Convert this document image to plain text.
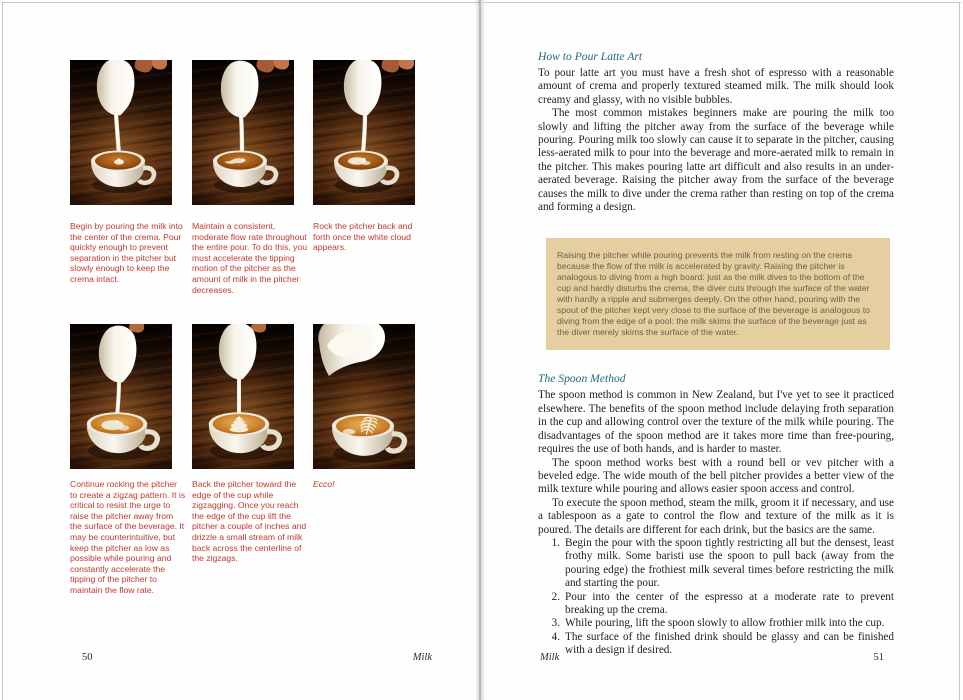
Begin by pouring the milk into the center of the crema. Pour quickly enough to prevent separation in the pitcher but slowly enough to keep the crema intact.
Maintain a consistent, moderate flow rate throughout the entire pour. To do this, you must accelerate the tipping motion of the pitcher as the amount of milk in the pitcher decreases.
Rock the pitcher back and forth once the white cloud appears.
Continue rocking the pitcher to create a zigzag pattern. It is critical to resist the urge to raise the pitcher away from the surface of the beverage. It may be counterintuitive, but keep the pitcher as low as possible while pouring and constantly accelerate the tipping of the pitcher to maintain the flow rate.
Back the pitcher toward the edge of the cup while zigzagging. Once you reach the edge of the cup lift the pitcher a couple of inches and drizzle a small stream of milk back across the centerline of the zigzags.
Ecco!
50	Milk
How to Pour Latte Art

To pour latte art you must have a fresh shot of espresso with a reasonable amount of crema and properly textured steamed milk. The milk should look creamy and glassy, with no visible bubbles.

The most common mistakes beginners make are pouring the milk too slowly and lifting the pitcher away from the surface of the beverage while pouring. Pouring milk too slowly can cause it to separate in the pitcher, causing less-aerated milk to pour into the beverage and more-aerated milk to remain in the pitcher. This makes pouring latte art difficult and also results in an under-aerated beverage. Raising the pitcher away from the surface of the beverage causes the milk to dive under the crema rather than resting on top of the crema and forming a design.

Raising the pitcher while pouring prevents the milk from resting on the crema because the flow of the milk is accelerated by gravity. Raising the pitcher is analogous to diving from a high board: just as the milk dives to the bottom of the cup and hardly disturbs the crema, the diver cuts through the surface of the water with hardly a ripple and submerges deeply. On the other hand, pouring with the spout of the pitcher kept very close to the surface of the beverage is analogous to diving from the edge of a pool: the milk skims the surface of the beverage just as the diver merely skims the surface of the water.
The Spoon Method

The spoon method is common in New Zealand, but I've yet to see it practiced elsewhere. The benefits of the spoon method include delaying froth separation in the cup and allowing control over the texture of the milk while pouring. The disadvantages of the spoon method are it takes more time than free-pouring, requires the use of both hands, and is harder to master.

The spoon method works best with a round bell or vev pitcher with a beveled edge. The wide mouth of the bell pitcher provides a better view of the milk texture while pouring and allows easier spoon access and control.

To execute the spoon method, steam the milk, groom it if necessary, and use a tablespoon as a gate to control the flow and texture of the milk as it is poured. The details are different for each drink, but the basics are the same.

1. Begin the pour with the spoon tightly restricting all but the densest, least frothy milk. Some baristi use the spoon to pull back (away from the pouring edge) the frothiest milk several times before restricting the milk and starting the pour.
2. Pour into the center of the espresso at a moderate rate to prevent breaking up the crema.
3. While pouring, lift the spoon slowly to allow frothier milk into the cup.
4. The surface of the finished drink should be glassy and can be finished with a design if desired.
Milk	51
